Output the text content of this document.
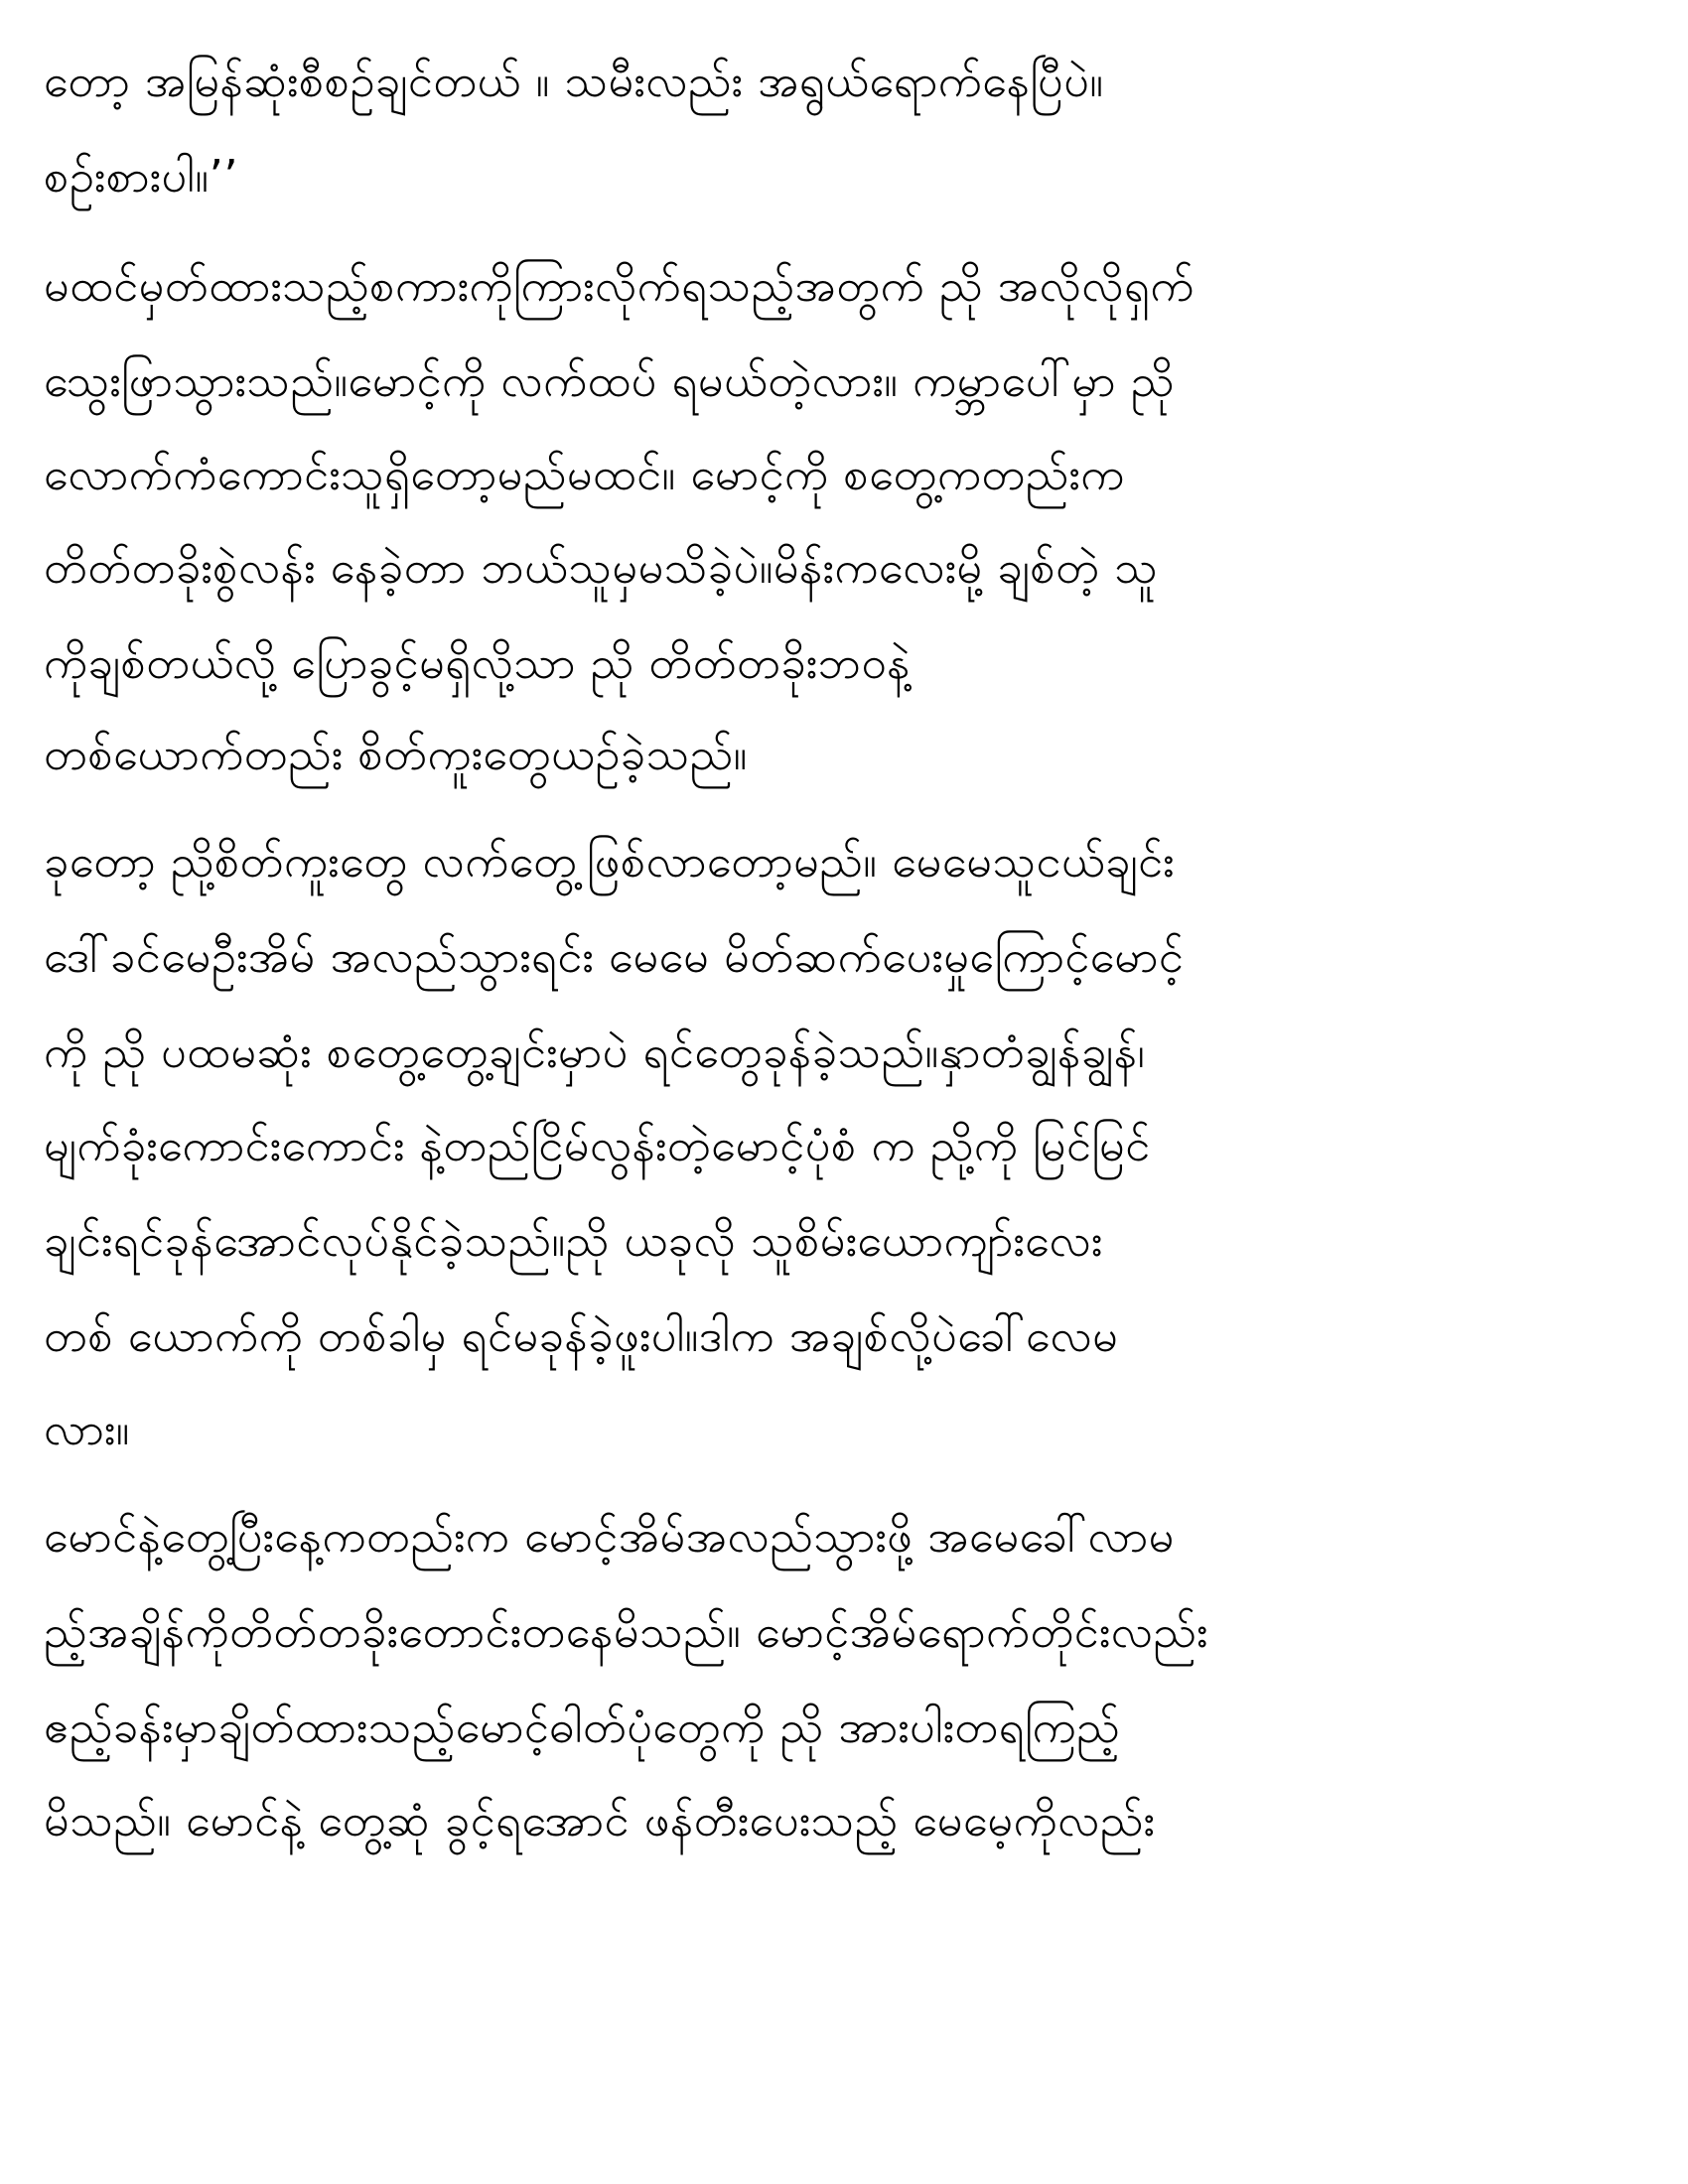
တော့ အမြန်ဆုံးစီစဉ်ချင်တယ် ။ သမီးလည်း အရွယ်ရောက်နေပြီပဲ။
စဉ်းစားပါ။’’
မထင်မှတ်ထားသည့်စကားကိုကြားလိုက်ရသည့်အတွက် ညို အလိုလိုရှက်
သွေးဖြာသွားသည်။မောင့်ကို လက်ထပ် ရမယ်တဲ့လား။ ကမ္ဘာပေါ်မှာ ညို
လောက်ကံကောင်းသူရှိတော့မည်မထင်။ မောင့်ကို စတွေ့ကတည်းက
တိတ်တခိုးစွဲလန်း နေခဲ့တာ ဘယ်သူမှမသိခဲ့ပဲ။မိန်းကလေးမို့ ချစ်တဲ့ သူ
ကိုချစ်တယ်လို့ ပြောခွင့်မရှိလို့သာ ညို တိတ်တခိုးဘဝနဲ့
တစ်ယောက်တည်း စိတ်ကူးတွေယဉ်ခဲ့သည်။
ခုတော့ ညို့စိတ်ကူးတွေ လက်တွေ့ဖြစ်လာတော့မည်။ မေမေသူငယ်ချင်း
ဒေါ်ခင်မေဦးအိမ် အလည်သွားရင်း မေမေ မိတ်ဆက်ပေးမှုကြောင့်မောင့်
ကို ညို ပထမဆုံး စတွေ့တွေ့ချင်းမှာပဲ ရင်တွေခုန်ခဲ့သည်။နှာတံချွန်ချွန်၊
မျက်ခုံးကောင်းကောင်း နဲ့တည်ငြိမ်လွန်းတဲ့မောင့်ပုံစံ က ညို့ကို မြင်မြင်
ချင်းရင်ခုန်အောင်လုပ်နိုင်ခဲ့သည်။ညို ယခုလို သူစိမ်းယောကျာ်းလေး
တစ် ယောက်ကို တစ်ခါမှ ရင်မခုန်ခဲ့ဖူးပါ။ဒါက အချစ်လို့ပဲခေါ်လေမ
လား။
မောင်နဲ့တွေ့ပြီးနေ့ကတည်းက မောင့်အိမ်အလည်သွားဖို့ အမေခေါ်လာမ
ည့်အချိန်ကိုတိတ်တခိုးတောင်းတနေမိသည်။ မောင့်အိမ်ရောက်တိုင်းလည်း
ဧည့်ခန်းမှာချိတ်ထားသည့်မောင့်ဓါတ်ပုံတွေကို ညို အားပါးတရကြည့်
မိသည်။ မောင်နဲ့ တွေ့ဆုံ ခွင့်ရအောင် ဖန်တီးပေးသည့် မေမေ့ကိုလည်း
